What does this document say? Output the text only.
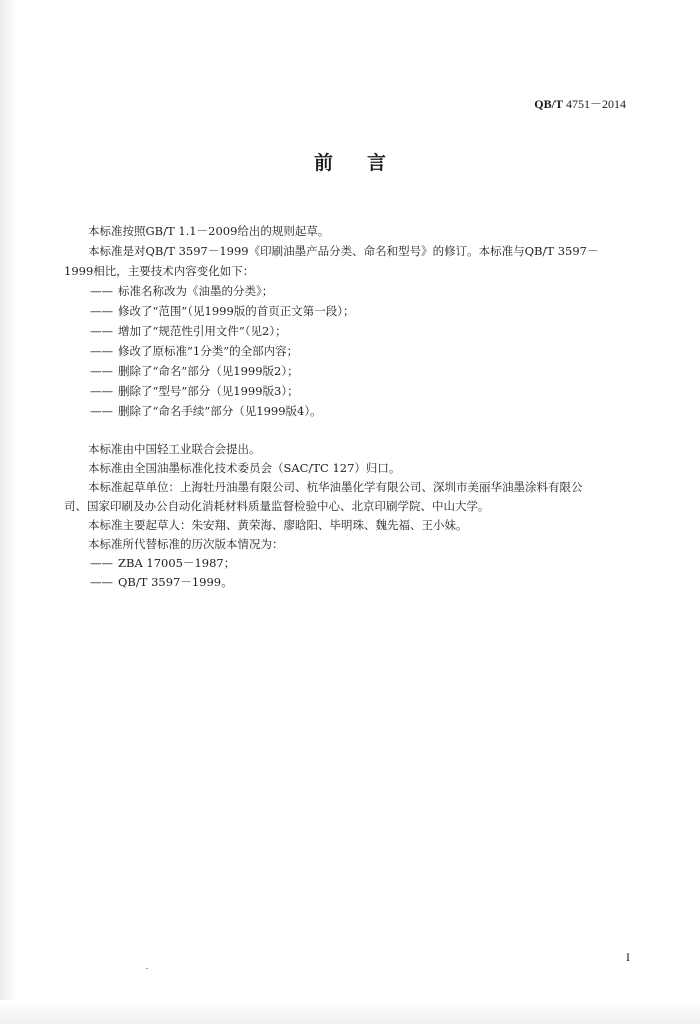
QB/T 4751－2014
前 言
本标准按照GB/T 1.1－2009给出的规则起草。
本标准是对QB/T 3597－1999《印刷油墨产品分类、命名和型号》的修订。本标准与QB/T 3597－
1999相比，主要技术内容变化如下：
—— 标准名称改为《油墨的分类》；
—— 修改了“范围”（见1999版的首页正文第一段）；
—— 增加了“规范性引用文件”（见2）；
—— 修改了原标准“1分类”的全部内容；
—— 删除了“命名”部分（见1999版2）；
—— 删除了“型号”部分（见1999版3）；
—— 删除了“命名手续”部分（见1999版4）。
本标准由中国轻工业联合会提出。
本标准由全国油墨标准化技术委员会（SAC/TC 127）归口。
本标准起草单位：上海牡丹油墨有限公司、杭华油墨化学有限公司、深圳市美丽华油墨涂料有限公
司、国家印刷及办公自动化消耗材料质量监督检验中心、北京印刷学院、中山大学。
本标准主要起草人：朱安翔、黄荣海、廖晗阳、毕明珠、魏先福、王小妹。
本标准所代替标准的历次版本情况为：
—— ZBA 17005－1987；
—— QB/T 3597－1999。
I
